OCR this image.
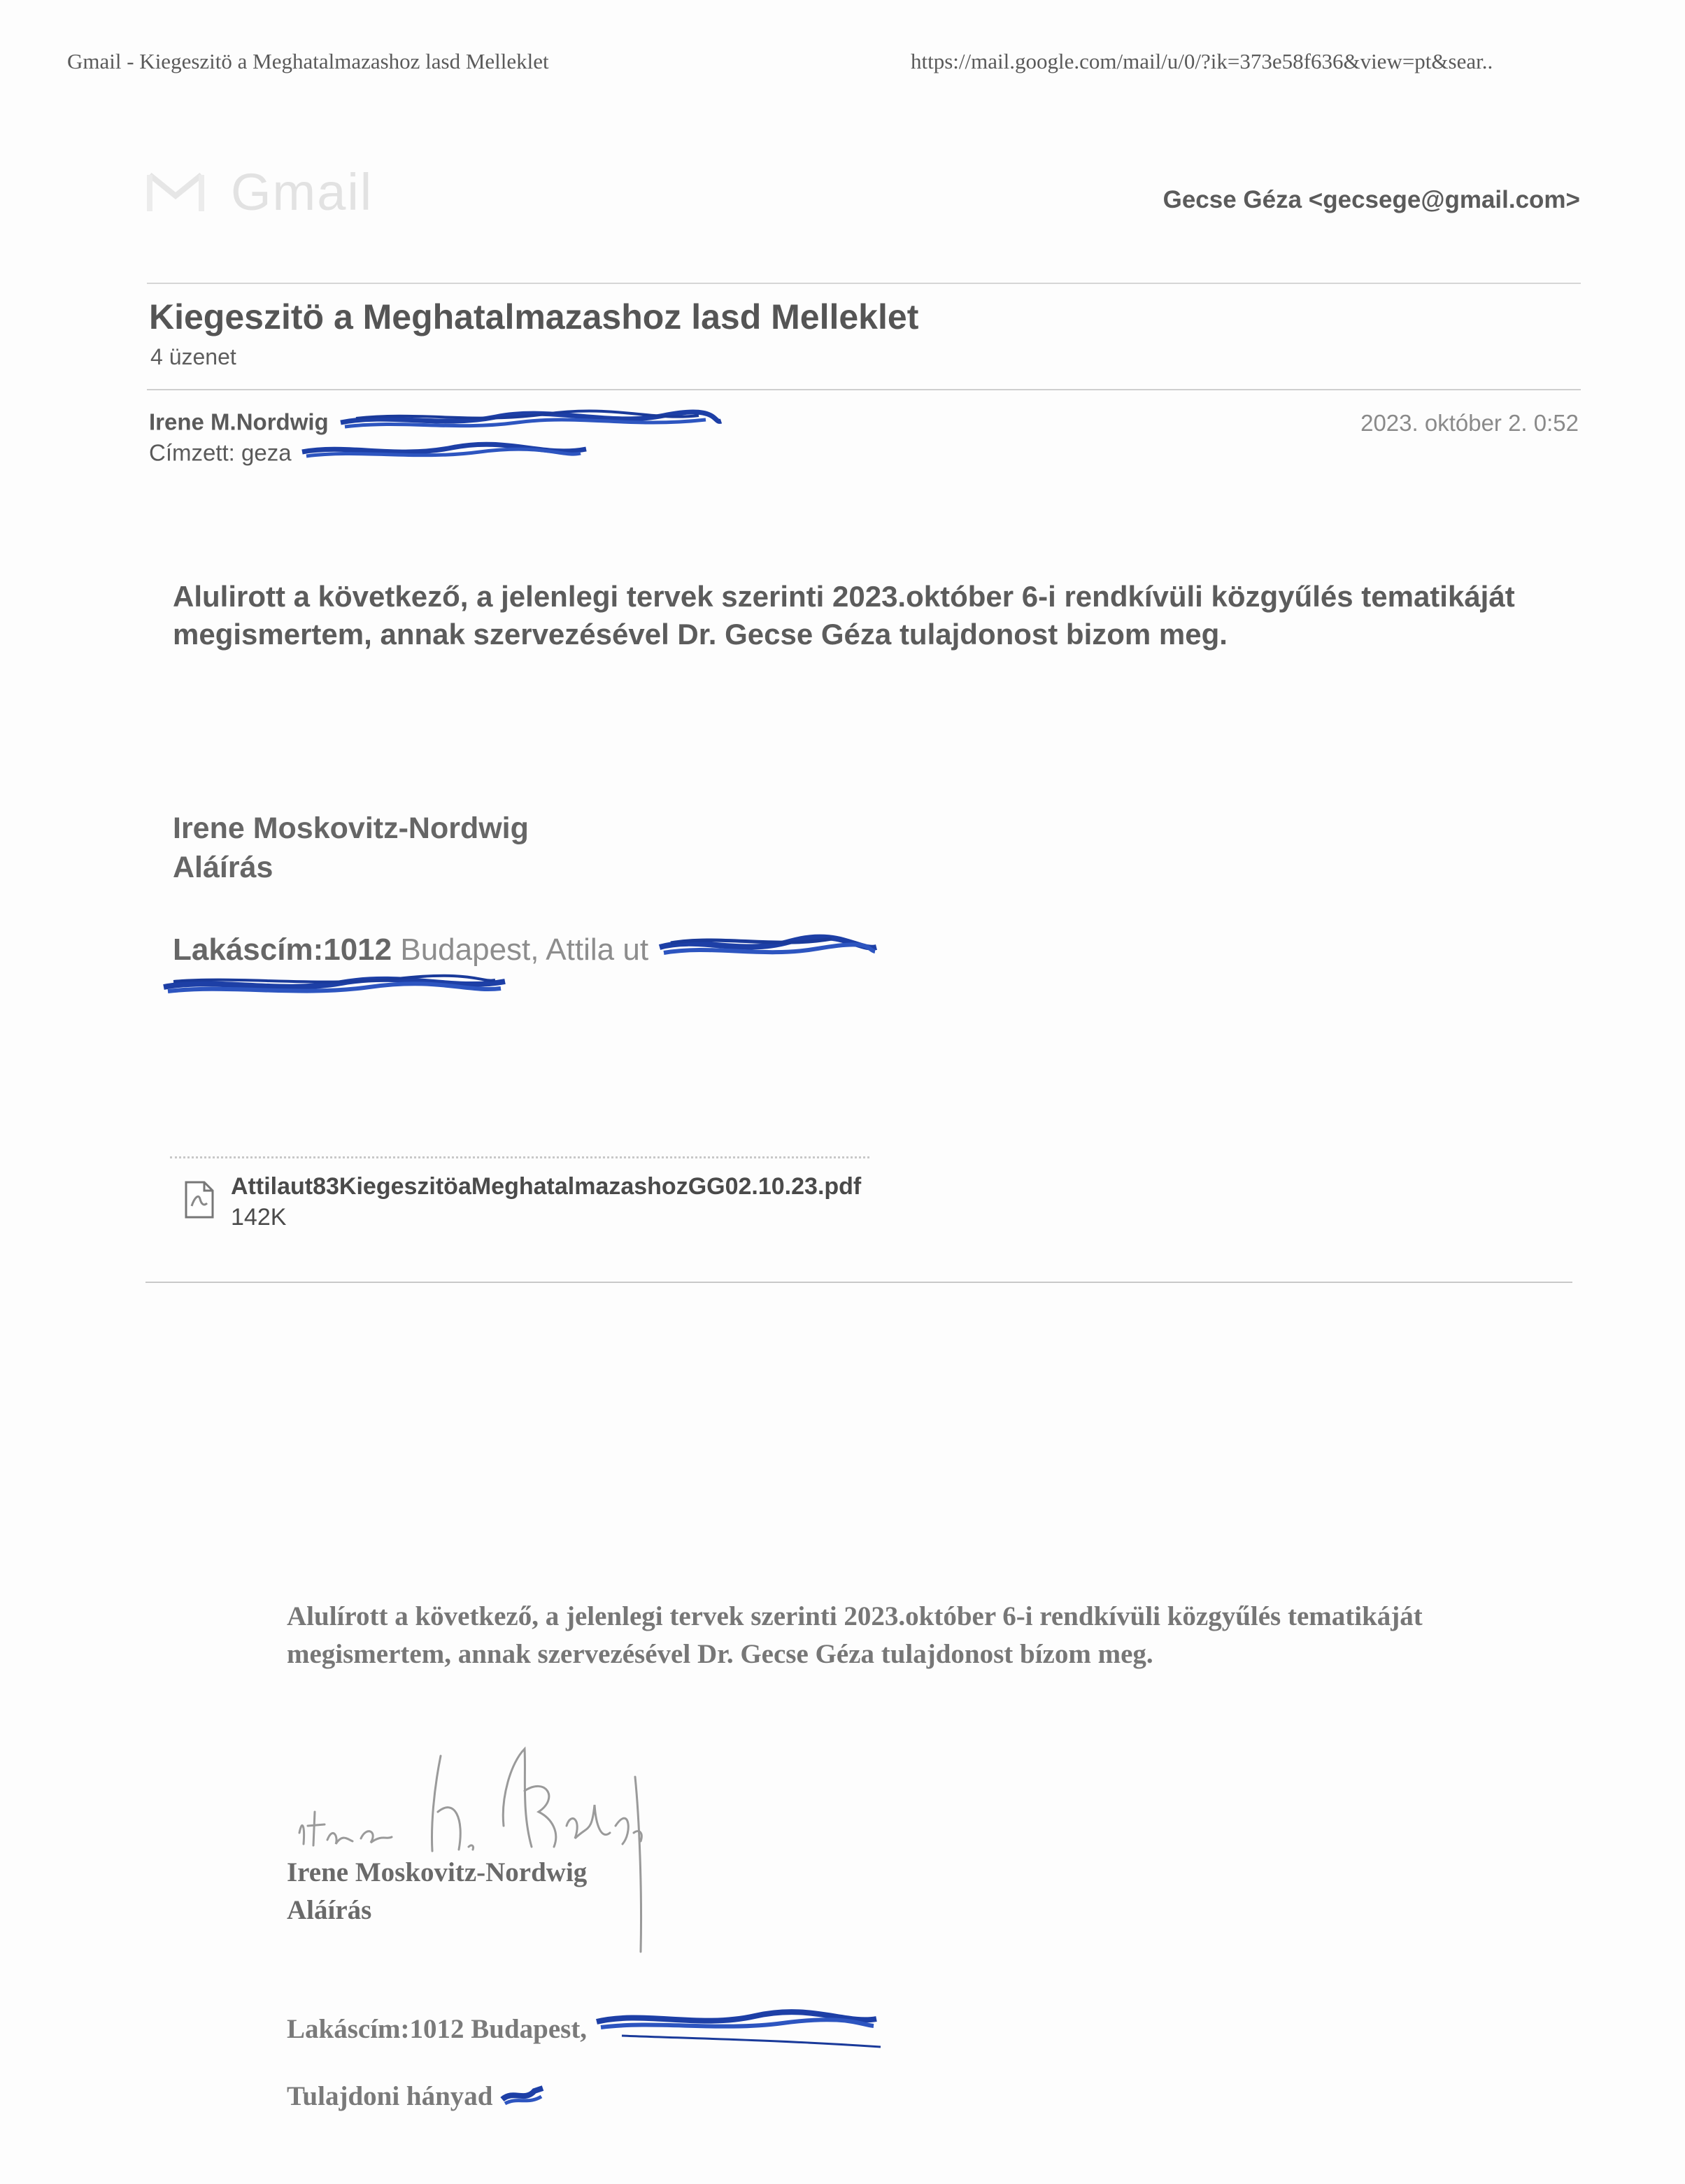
Gmail - Kiegeszitö a Meghatalmazashoz lasd Melleklet	https://mail.google.com/mail/u/0/?ik=373e58f636&view=pt&sear..
Gmail	Gecse Géza <gecsege@gmail.com>
Kiegeszitö a Meghatalmazashoz lasd Melleklet
4 üzenet
Irene M.Nordwig
Címzett: geza
2023. október 2. 0:52
Alulirott a következő, a jelenlegi tervek szerinti 2023.október 6-i rendkívüli közgyűlés tematikáját megismertem, annak szervezésével Dr. Gecse Géza tulajdonost bizom meg.
Irene Moskovitz-Nordwig
Aláírás
Lakáscím:1012 Budapest, Attila ut
Attilaut83KiegeszitöaMeghatalmazashozGG02.10.23.pdf
142K
Alulírott a következő, a jelenlegi tervek szerinti 2023.október 6-i rendkívüli közgyűlés tematikáját megismertem, annak szervezésével Dr. Gecse Géza tulajdonost bízom meg.
Irene Moskovitz-Nordwig
Aláírás
Lakáscím:1012 Budapest,
Tulajdoni hányad
